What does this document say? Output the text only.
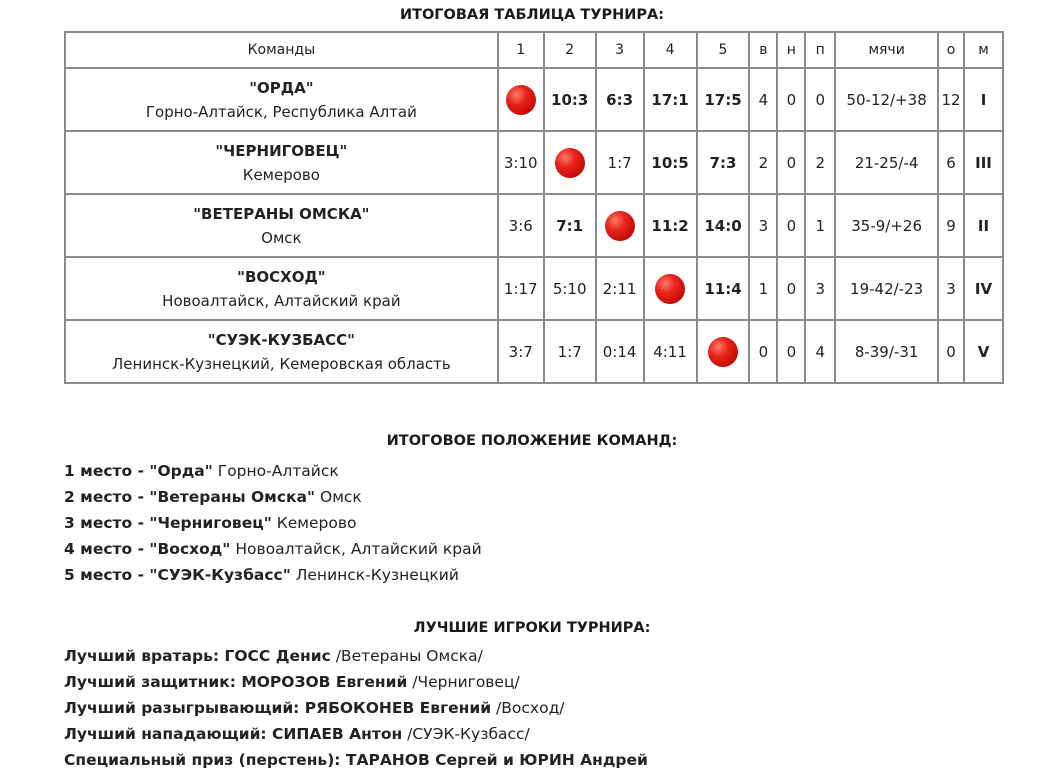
ИТОГОВАЯ ТАБЛИЦА ТУРНИРА:
Команды	1	2	3	4	5	в	н	п	мячи	о	м

"ОРДА"
Горно-Алтайск, Республика Алтай		10:3	6:3	17:1	17:5	4	0	0	50-12/+38	12	I

"ЧЕРНИГОВЕЦ"
Кемерово	3:10		1:7	10:5	7:3	2	0	2	21-25/-4	6	III

"ВЕТЕРАНЫ ОМСКА"
Омск	3:6	7:1		11:2	14:0	3	0	1	35-9/+26	9	II

"ВОСХОД"
Новоалтайск, Алтайский край	1:17	5:10	2:11		11:4	1	0	3	19-42/-23	3	IV

"СУЭК-КУЗБАСС"
Ленинск-Кузнецкий, Кемеровская область	3:7	1:7	0:14	4:11		0	0	4	8-39/-31	0	V
ИТОГОВОЕ ПОЛОЖЕНИЕ КОМАНД:
1 место - "Орда" Горно-Алтайск
2 место - "Ветераны Омска" Омск
3 место - "Черниговец" Кемерово
4 место - "Восход" Новоалтайск, Алтайский край
5 место - "СУЭК-Кузбасс" Ленинск-Кузнецкий
ЛУЧШИЕ ИГРОКИ ТУРНИРА:
Лучший вратарь: ГОСС Денис /Ветераны Омска/
Лучший защитник: МОРОЗОВ Евгений /Черниговец/
Лучший разыгрывающий: РЯБОКОНЕВ Евгений /Восход/
Лучший нападающий: СИПАЕВ Антон /СУЭК-Кузбасс/
Специальный приз (перстень): ТАРАНОВ Сергей и ЮРИН Андрей
